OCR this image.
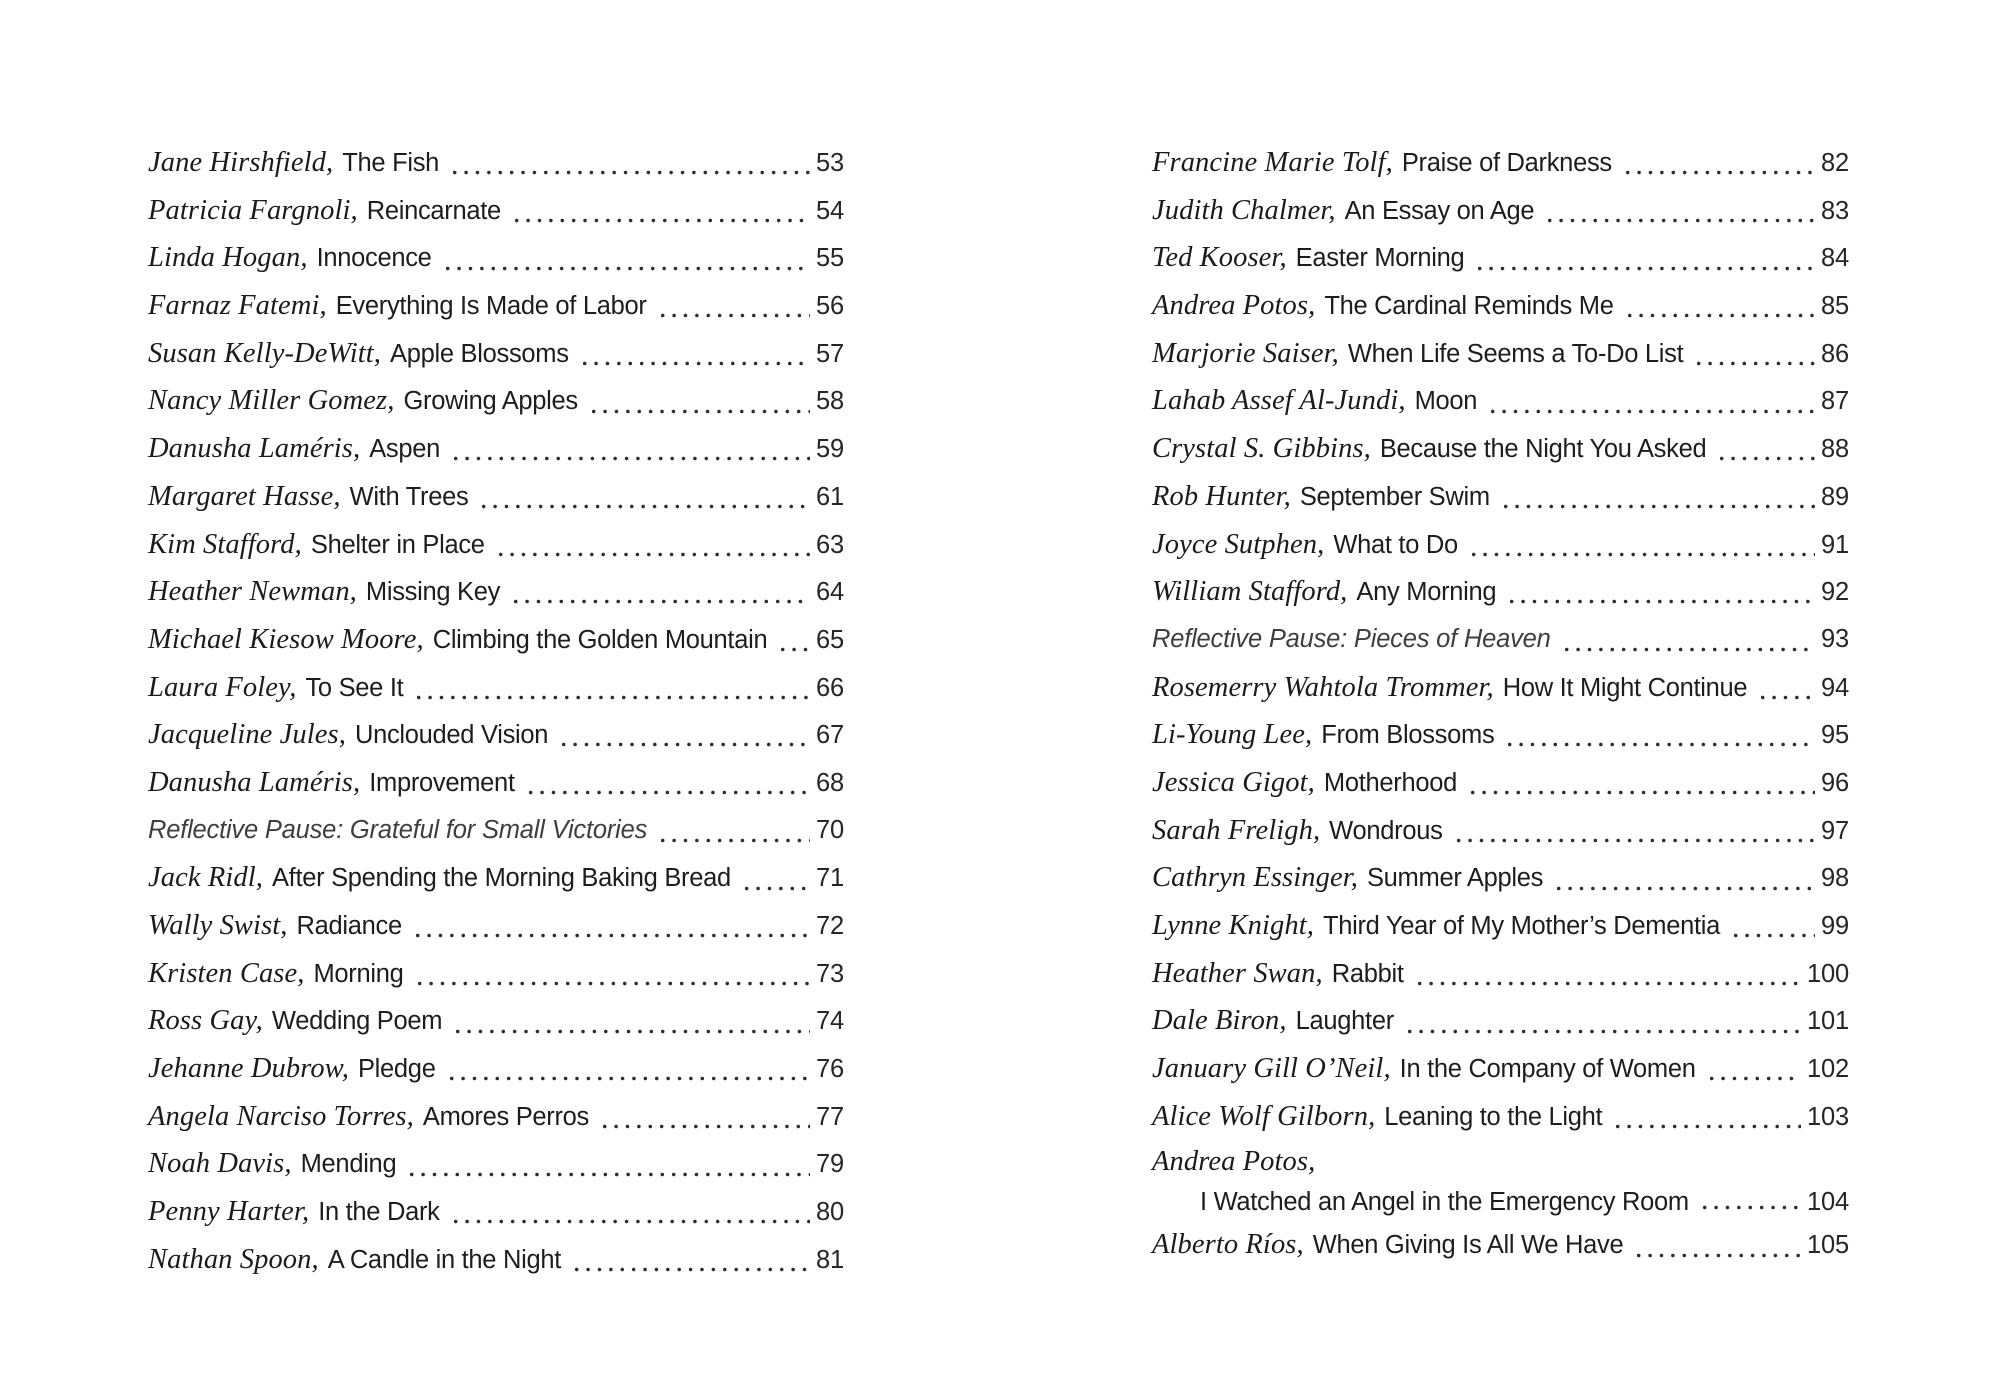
Jane Hirshfield, The Fish	53
Patricia Fargnoli, Reincarnate	54
Linda Hogan, Innocence	55
Farnaz Fatemi, Everything Is Made of Labor	56
Susan Kelly-DeWitt, Apple Blossoms	57
Nancy Miller Gomez, Growing Apples	58
Danusha Laméris, Aspen	59
Margaret Hasse, With Trees	61
Kim Stafford, Shelter in Place	63
Heather Newman, Missing Key	64
Michael Kiesow Moore, Climbing the Golden Mountain 65
Laura Foley, To See It	66
Jacqueline Jules, Unclouded Vision	67
Danusha Laméris, Improvement	68
Reflective Pause: Grateful for Small Victories	70
Jack Ridl, After Spending the Morning Baking Bread	71
Wally Swist, Radiance	72
Kristen Case, Morning	73
Ross Gay, Wedding Poem	74
Jehanne Dubrow, Pledge	76
Angela Narciso Torres, Amores Perros	77
Noah Davis, Mending	79
Penny Harter, In the Dark	80
Nathan Spoon, A Candle in the Night	81
Francine Marie Tolf, Praise of Darkness	82
Judith Chalmer, An Essay on Age	83
Ted Kooser, Easter Morning	84
Andrea Potos, The Cardinal Reminds Me	85
Marjorie Saiser, When Life Seems a To-Do List	86
Lahab Assef Al-Jundi, Moon	87
Crystal S. Gibbins, Because the Night You Asked	88
Rob Hunter, September Swim	89
Joyce Sutphen, What to Do	91
William Stafford, Any Morning	92
Reflective Pause: Pieces of Heaven	93
Rosemerry Wahtola Trommer, How It Might Continue	94
Li-Young Lee, From Blossoms	95
Jessica Gigot, Motherhood	96
Sarah Freligh, Wondrous	97
Cathryn Essinger, Summer Apples	98
Lynne Knight, Third Year of My Mother’s Dementia	99
Heather Swan, Rabbit	100
Dale Biron, Laughter	101
January Gill O’Neil, In the Company of Women	102
Alice Wolf Gilborn, Leaning to the Light	103
Andrea Potos,
I Watched an Angel in the Emergency Room	104
Alberto Ríos, When Giving Is All We Have	105
